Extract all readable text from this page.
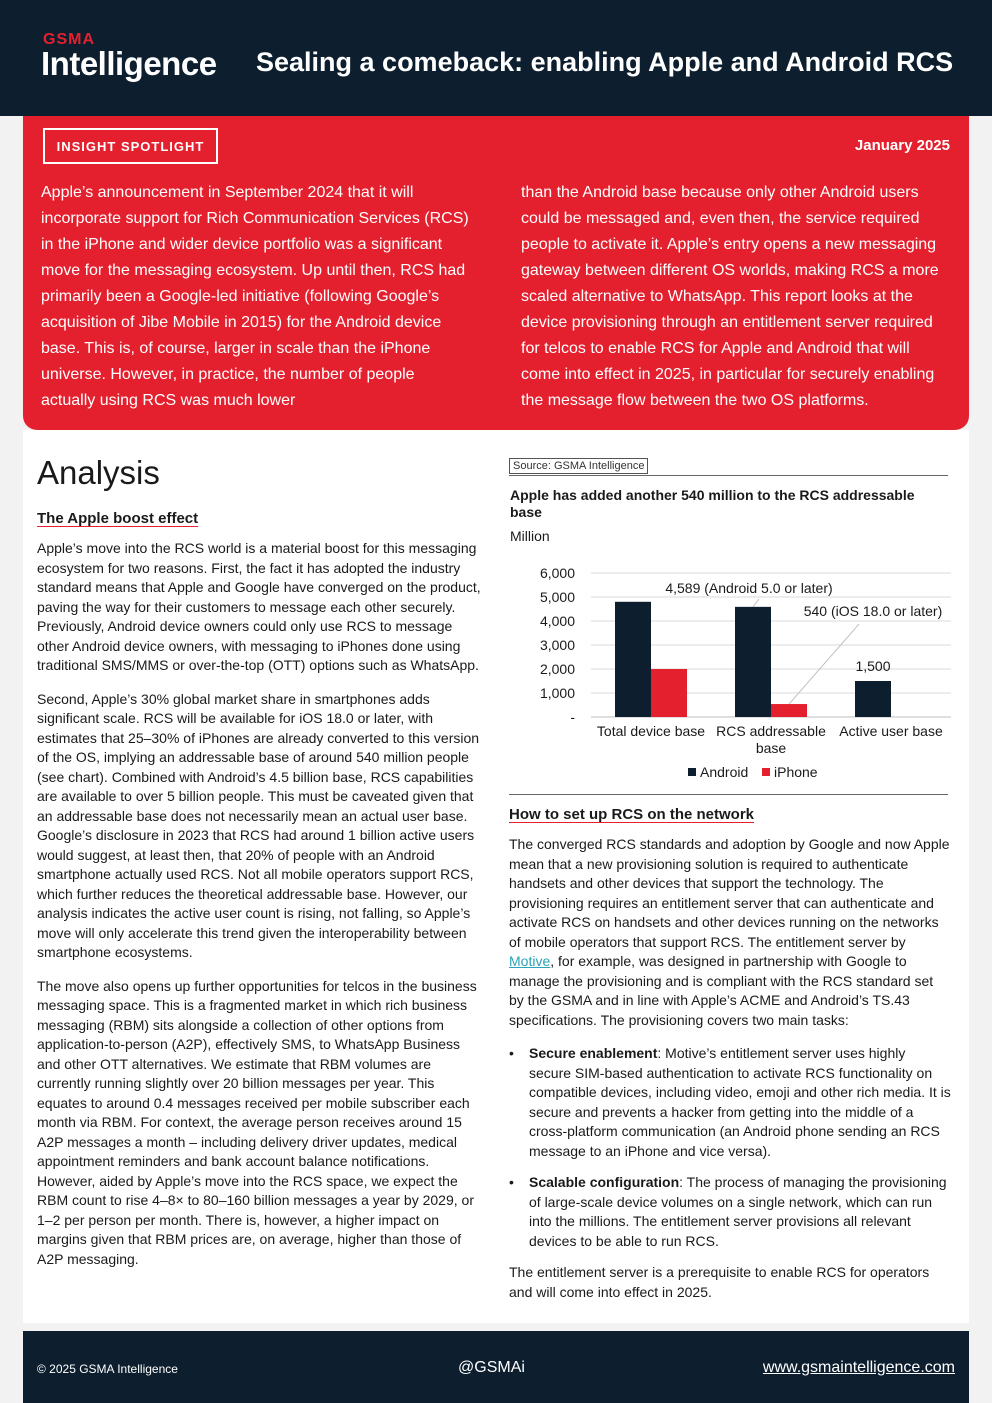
GSMA
Intelligence Sealing a comeback: enabling Apple and Android RCS
INSIGHT SPOTLIGHT	January 2025
Apple’s announcement in September 2024 that it will incorporate support for Rich Communication Services (RCS) in the iPhone and wider device portfolio was a significant move for the messaging ecosystem. Up until then, RCS had primarily been a Google-led initiative (following Google’s acquisition of Jibe Mobile in 2015) for the Android device base. This is, of course, larger in scale than the iPhone universe. However, in practice, the number of people actually using RCS was much lower
than the Android base because only other Android users could be messaged and, even then, the service required people to activate it. Apple’s entry opens a new messaging gateway between different OS worlds, making RCS a more scaled alternative to WhatsApp. This report looks at the device provisioning through an entitlement server required for telcos to enable RCS for Apple and Android that will come into effect in 2025, in particular for securely enabling the message flow between the two OS platforms.
Analysis
The Apple boost effect

Apple’s move into the RCS world is a material boost for this messaging ecosystem for two reasons. First, the fact it has adopted the industry standard means that Apple and Google have converged on the product, paving the way for their customers to message each other securely. Previously, Android device owners could only use RCS to message other Android device owners, with messaging to iPhones done using traditional SMS/MMS or over-the-top (OTT) options such as WhatsApp.

Second, Apple’s 30% global market share in smartphones adds significant scale. RCS will be available for iOS 18.0 or later, with estimates that 25–30% of iPhones are already converted to this version of the OS, implying an addressable base of around 540 million people (see chart). Combined with Android’s 4.5 billion base, RCS capabilities are available to over 5 billion people. This must be caveated given that an addressable base does not necessarily mean an actual user base. Google’s disclosure in 2023 that RCS had around 1 billion active users would suggest, at least then, that 20% of people with an Android smartphone actually used RCS. Not all mobile operators support RCS, which further reduces the theoretical addressable base. However, our analysis indicates the active user count is rising, not falling, so Apple’s move will only accelerate this trend given the interoperability between smartphone ecosystems.

The move also opens up further opportunities for telcos in the business messaging space. This is a fragmented market in which rich business messaging (RBM) sits alongside a collection of other options from application-to-person (A2P), effectively SMS, to WhatsApp Business and other OTT alternatives. We estimate that RBM volumes are currently running slightly over 20 billion messages per year. This equates to around 0.4 messages received per mobile subscriber each month via RBM. For context, the average person receives around 15 A2P messages a month – including delivery driver updates, medical appointment reminders and bank account balance notifications. However, aided by Apple’s move into the RCS space, we expect the RBM count to rise 4–8× to 80–160 billion messages a year by 2029, or 1–2 per person per month. There is, however, a higher impact on margins given that RBM prices are, on average, higher than those of A2P messaging.

Source: GSMA Intelligence
Apple has added another 540 million to the RCS addressable base
Million
-
1,000
2,000
3,000
4,000
5,000
6,000
Total device base RCS addressable
base
Active user base
4,589 (Android 5.0 or later)
540 (iOS 18.0 or later)
1,500
Android iPhone
How to set up RCS on the network

The converged RCS standards and adoption by Google and now Apple mean that a new provisioning solution is required to authenticate handsets and other devices that support the technology. The provisioning requires an entitlement server that can authenticate and activate RCS on handsets and other devices running on the networks of mobile operators that support RCS. The entitlement server by Motive, for example, was designed in partnership with Google to manage the provisioning and is compliant with the RCS standard set by the GSMA and in line with Apple’s ACME and Android’s TS.43 specifications. The provisioning covers two main tasks:

• Secure enablement: Motive’s entitlement server uses highly secure SIM-based authentication to activate RCS functionality on compatible devices, including video, emoji and other rich media. It is secure and prevents a hacker from getting into the middle of a cross-platform communication (an Android phone sending an RCS message to an iPhone and vice versa).
• Scalable configuration: The process of managing the provisioning of large-scale device volumes on a single network, which can run into the millions. The entitlement server provisions all relevant devices to be able to run RCS.

The entitlement server is a prerequisite to enable RCS for operators and will come into effect in 2025.

© 2025 GSMA Intelligence	@GSMAi	www.gsmaintelligence.com
